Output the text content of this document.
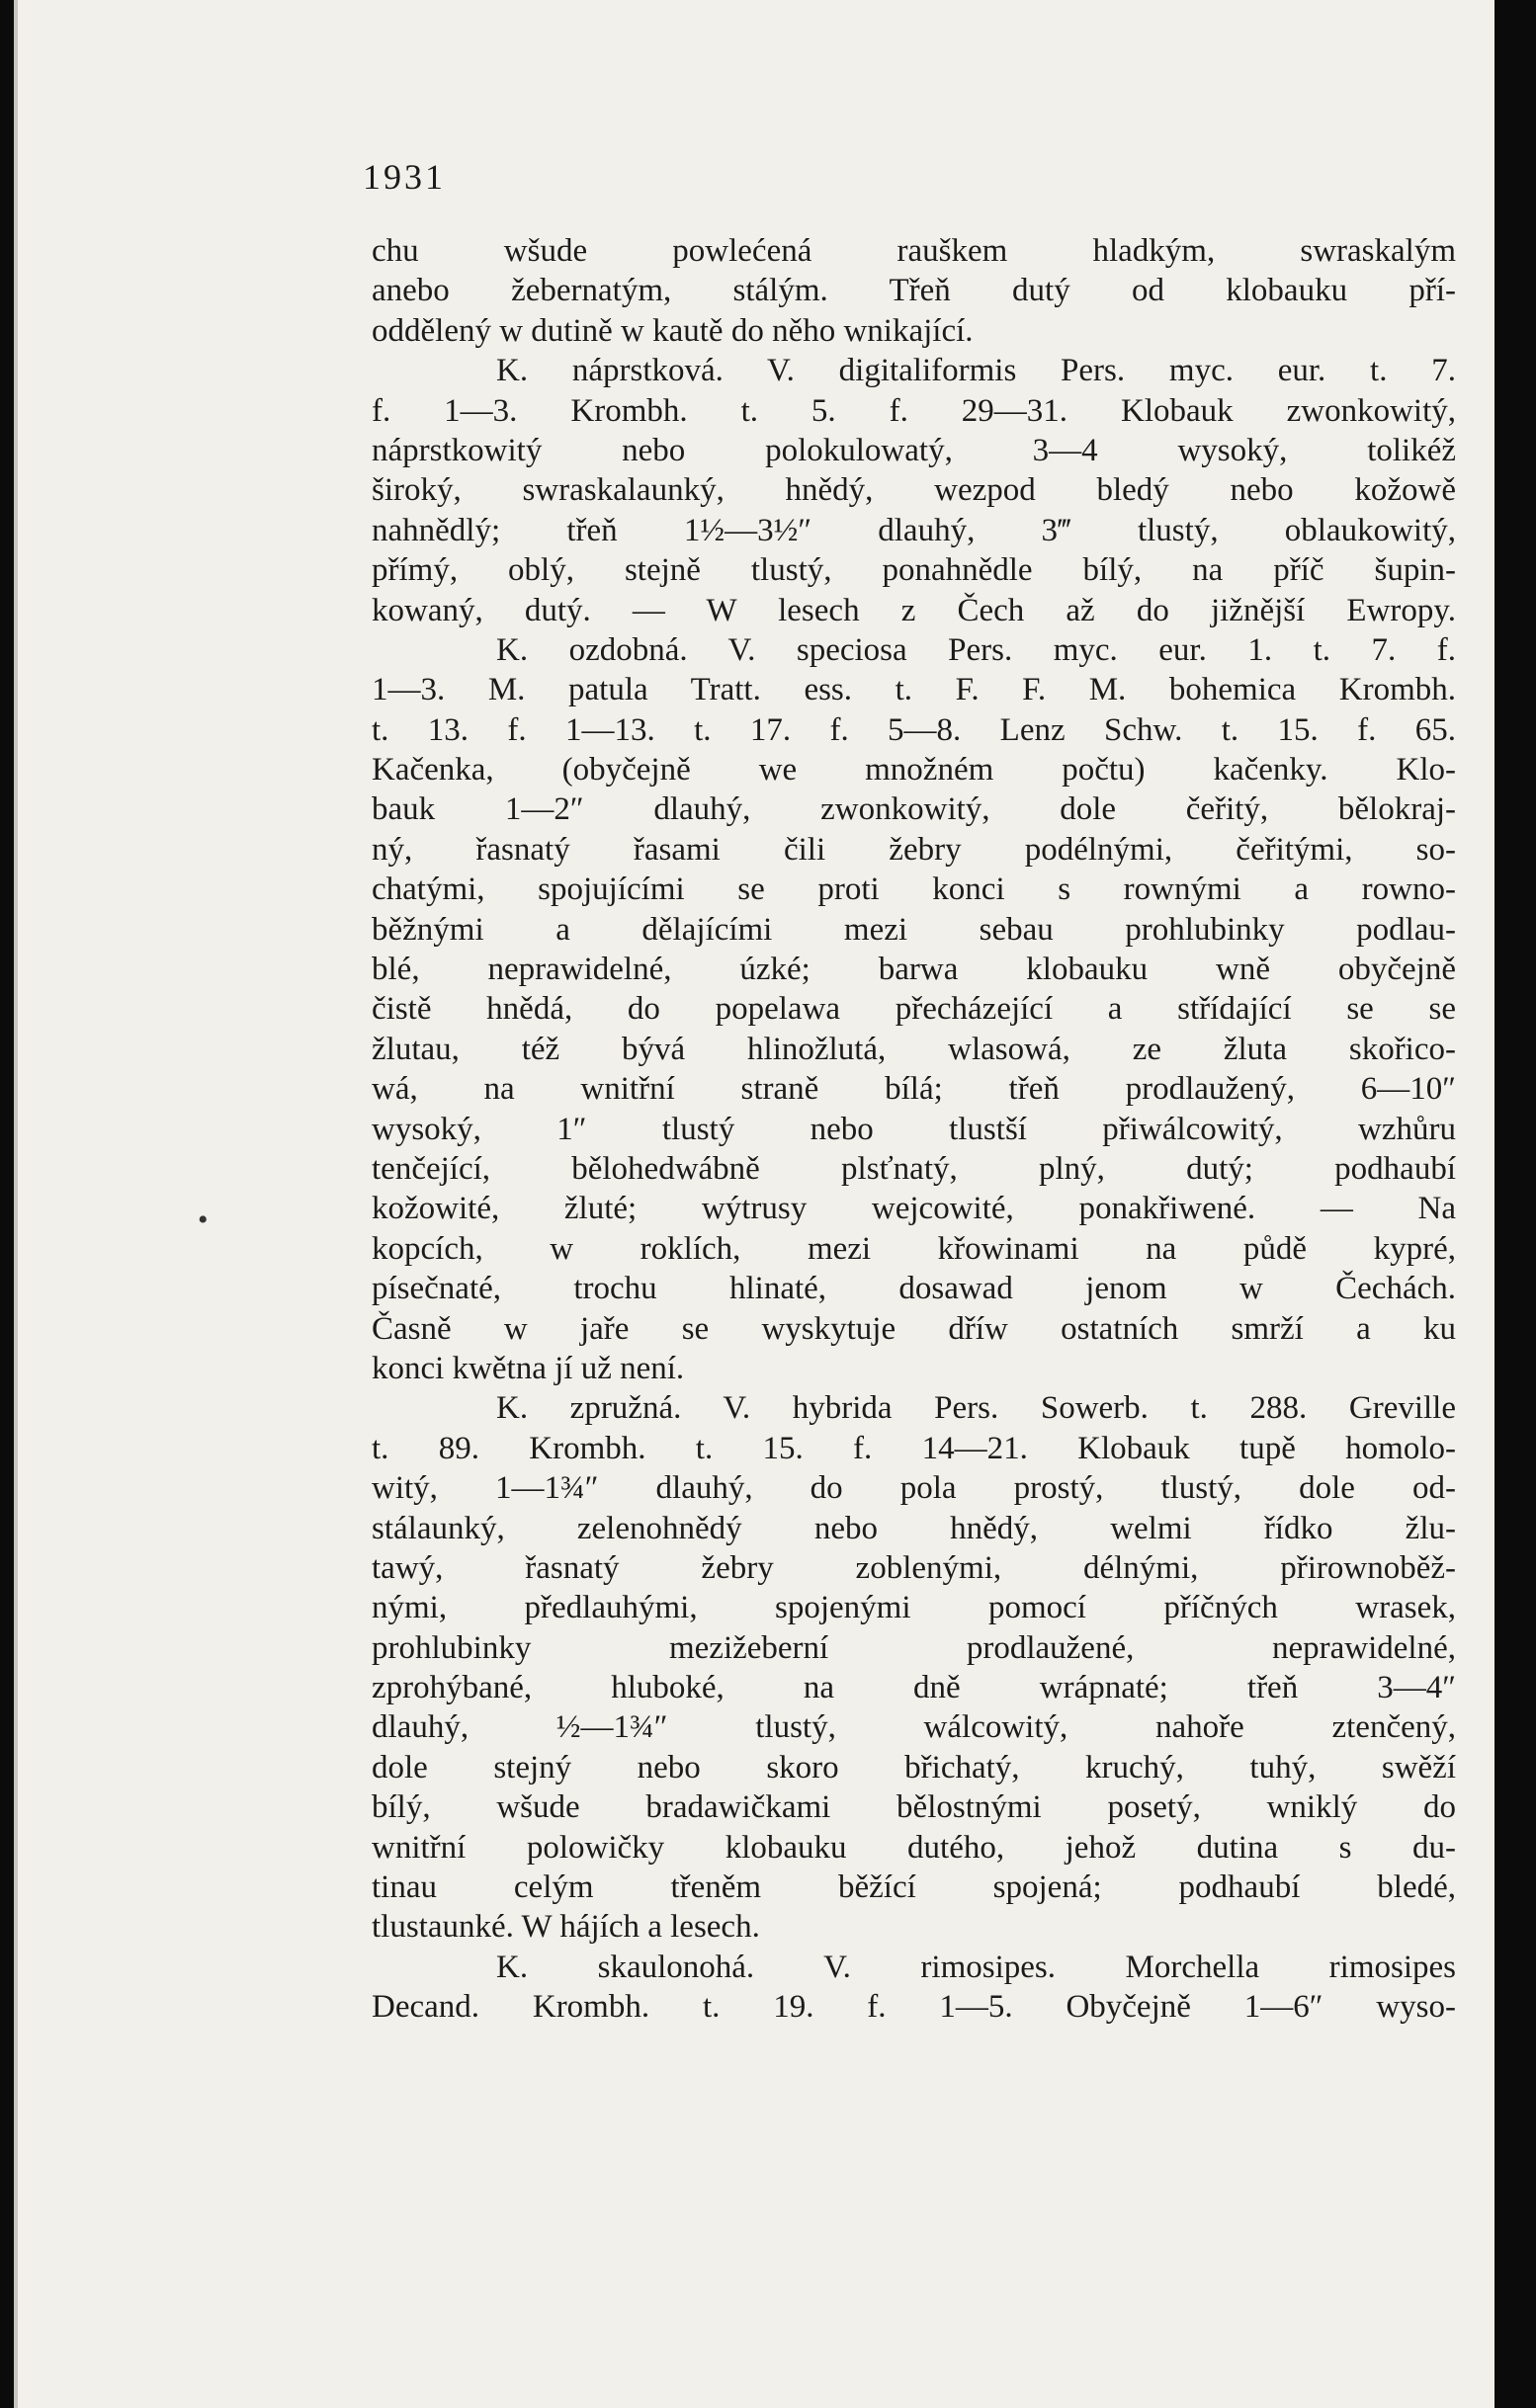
1931
•
chu wšude powlećená rauškem hladkým, swraskalým
anebo žebernatým, stálým. Třeň dutý od klobauku pří-
oddělený w dutině w kautě do něho wnikající.
K. náprstková. V. digitaliformis Pers. myc. eur. t. 7.
f. 1—3. Krombh. t. 5. f. 29—31. Klobauk zwonkowitý,
náprstkowitý nebo polokulowatý, 3—4 wysoký, tolikéž
široký, swraskalaunký, hnědý, wezpod bledý nebo kožowě
nahnědlý; třeň 1½—3½″ dlauhý, 3‴ tlustý, oblaukowitý,
přímý, oblý, stejně tlustý, ponahnědle bílý, na příč šupin-
kowaný, dutý. — W lesech z Čech až do jižnější Ewropy.
K. ozdobná. V. speciosa Pers. myc. eur. 1. t. 7. f.
1—3. M. patula Tratt. ess. t. F. F. M. bohemica Krombh.
t. 13. f. 1—13. t. 17. f. 5—8. Lenz Schw. t. 15. f. 65.
Kačenka, (obyčejně we množném počtu) kačenky. Klo-
bauk 1—2″ dlauhý, zwonkowitý, dole čeřitý, bělokraj-
ný, řasnatý řasami čili žebry podélnými, čeřitými, so-
chatými, spojujícími se proti konci s rownými a rowno-
běžnými a dělajícími mezi sebau prohlubinky podlau-
blé, neprawidelné, úzké; barwa klobauku wně obyčejně
čistě hnědá, do popelawa přecházející a střídající se se
žlutau, též bývá hlinožlutá, wlasowá, ze žluta skořico-
wá, na wnitřní straně bílá; třeň prodlaužený, 6—10″
wysoký, 1″ tlustý nebo tlustší přiwálcowitý, wzhůru
tenčející, bělohedwábně plsťnatý, plný, dutý; podhaubí
kožowité, žluté; wýtrusy wejcowité, ponakřiwené. — Na
kopcích, w roklích, mezi křowinami na půdě kypré,
písečnaté, trochu hlinaté, dosawad jenom w Čechách.
Časně w jaře se wyskytuje dříw ostatních smrží a ku
konci kwětna jí už není.
K. zpružná. V. hybrida Pers. Sowerb. t. 288. Greville
t. 89. Krombh. t. 15. f. 14—21. Klobauk tupě homolo-
witý, 1—1¾″ dlauhý, do pola prostý, tlustý, dole od-
stálaunký, zelenohnědý nebo hnědý, welmi řídko žlu-
tawý, řasnatý žebry zoblenými, délnými, přirownoběž-
nými, předlauhými, spojenými pomocí příčných wrasek,
prohlubinky mezižeberní prodlaužené, neprawidelné,
zprohýbané, hluboké, na dně wrápnaté; třeň 3—4″
dlauhý, ½—1¾″ tlustý, wálcowitý, nahoře ztenčený,
dole stejný nebo skoro břichatý, kruchý, tuhý, swěží
bílý, wšude bradawičkami bělostnými posetý, wniklý do
wnitřní polowičky klobauku dutého, jehož dutina s du-
tinau celým třeněm běžící spojená; podhaubí bledé,
tlustaunké. W hájích a lesech.
K. skaulonohá. V. rimosipes. Morchella rimosipes
Decand. Krombh. t. 19. f. 1—5. Obyčejně 1—6″ wyso-
